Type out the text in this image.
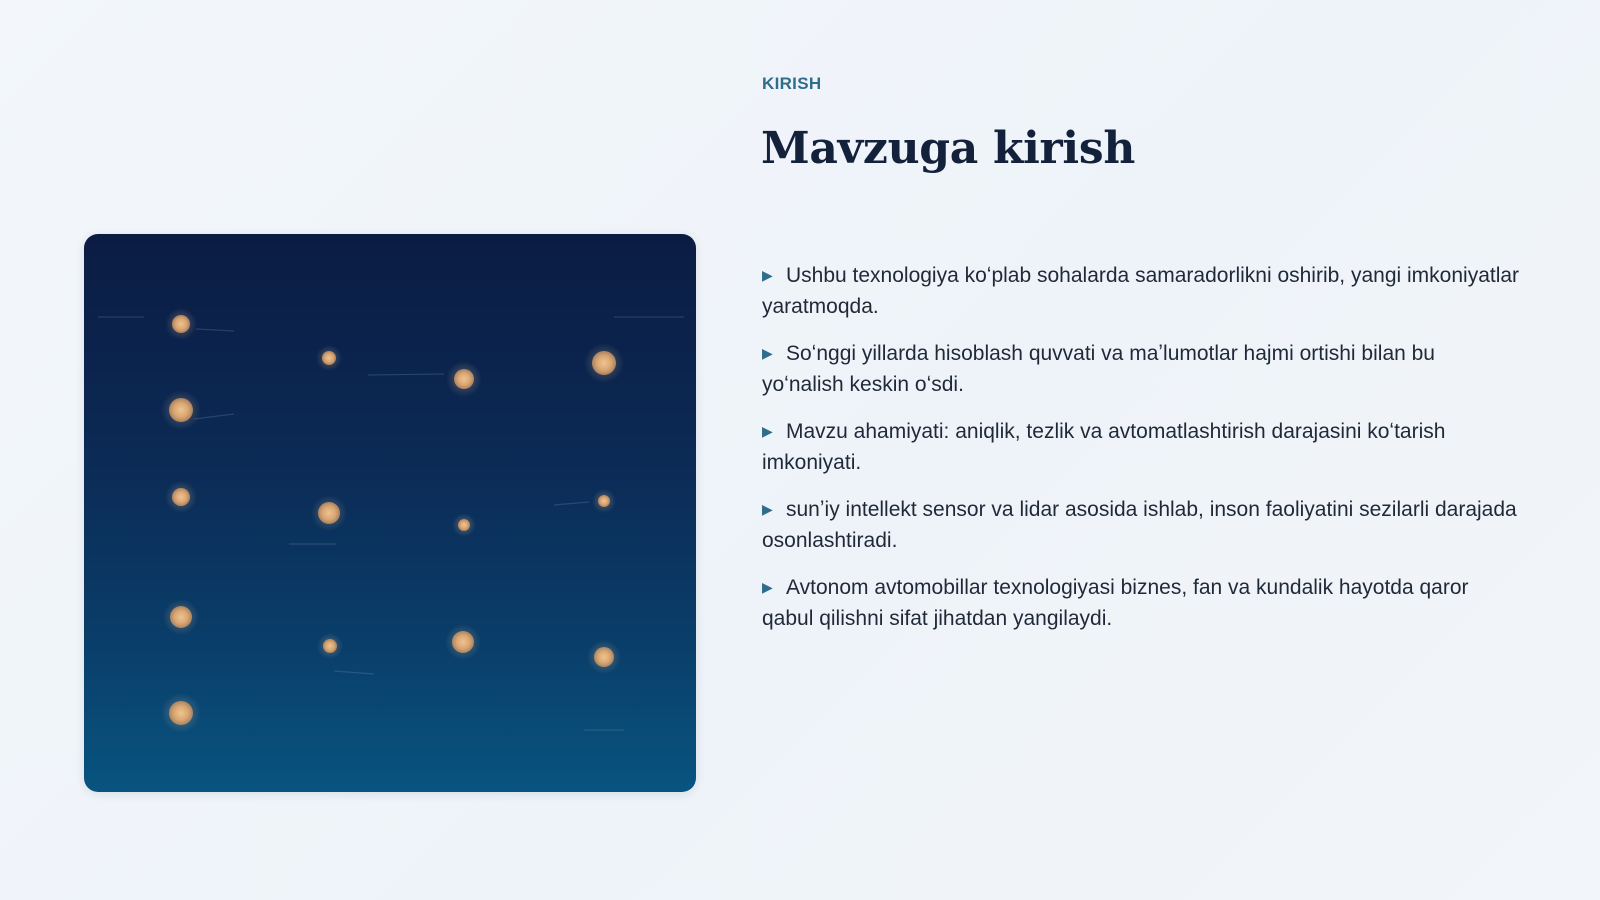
KIRISH
Mavzuga kirish
▶ Ushbu texnologiya koʻplab sohalarda samaradorlikni oshirib, yangi imkoniyatlar yaratmoqda.
▶ Soʻnggi yillarda hisoblash quvvati va maʼlumotlar hajmi ortishi bilan bu yoʻnalish keskin oʻsdi.
▶ Mavzu ahamiyati: aniqlik, tezlik va avtomatlashtirish darajasini koʻtarish imkoniyati.
▶ sunʼiy intellekt sensor va lidar asosida ishlab, inson faoliyatini sezilarli darajada osonlashtiradi.
▶ Avtonom avtomobillar texnologiyasi biznes, fan va kundalik hayotda qaror qabul qilishni sifat jihatdan yangilaydi.
